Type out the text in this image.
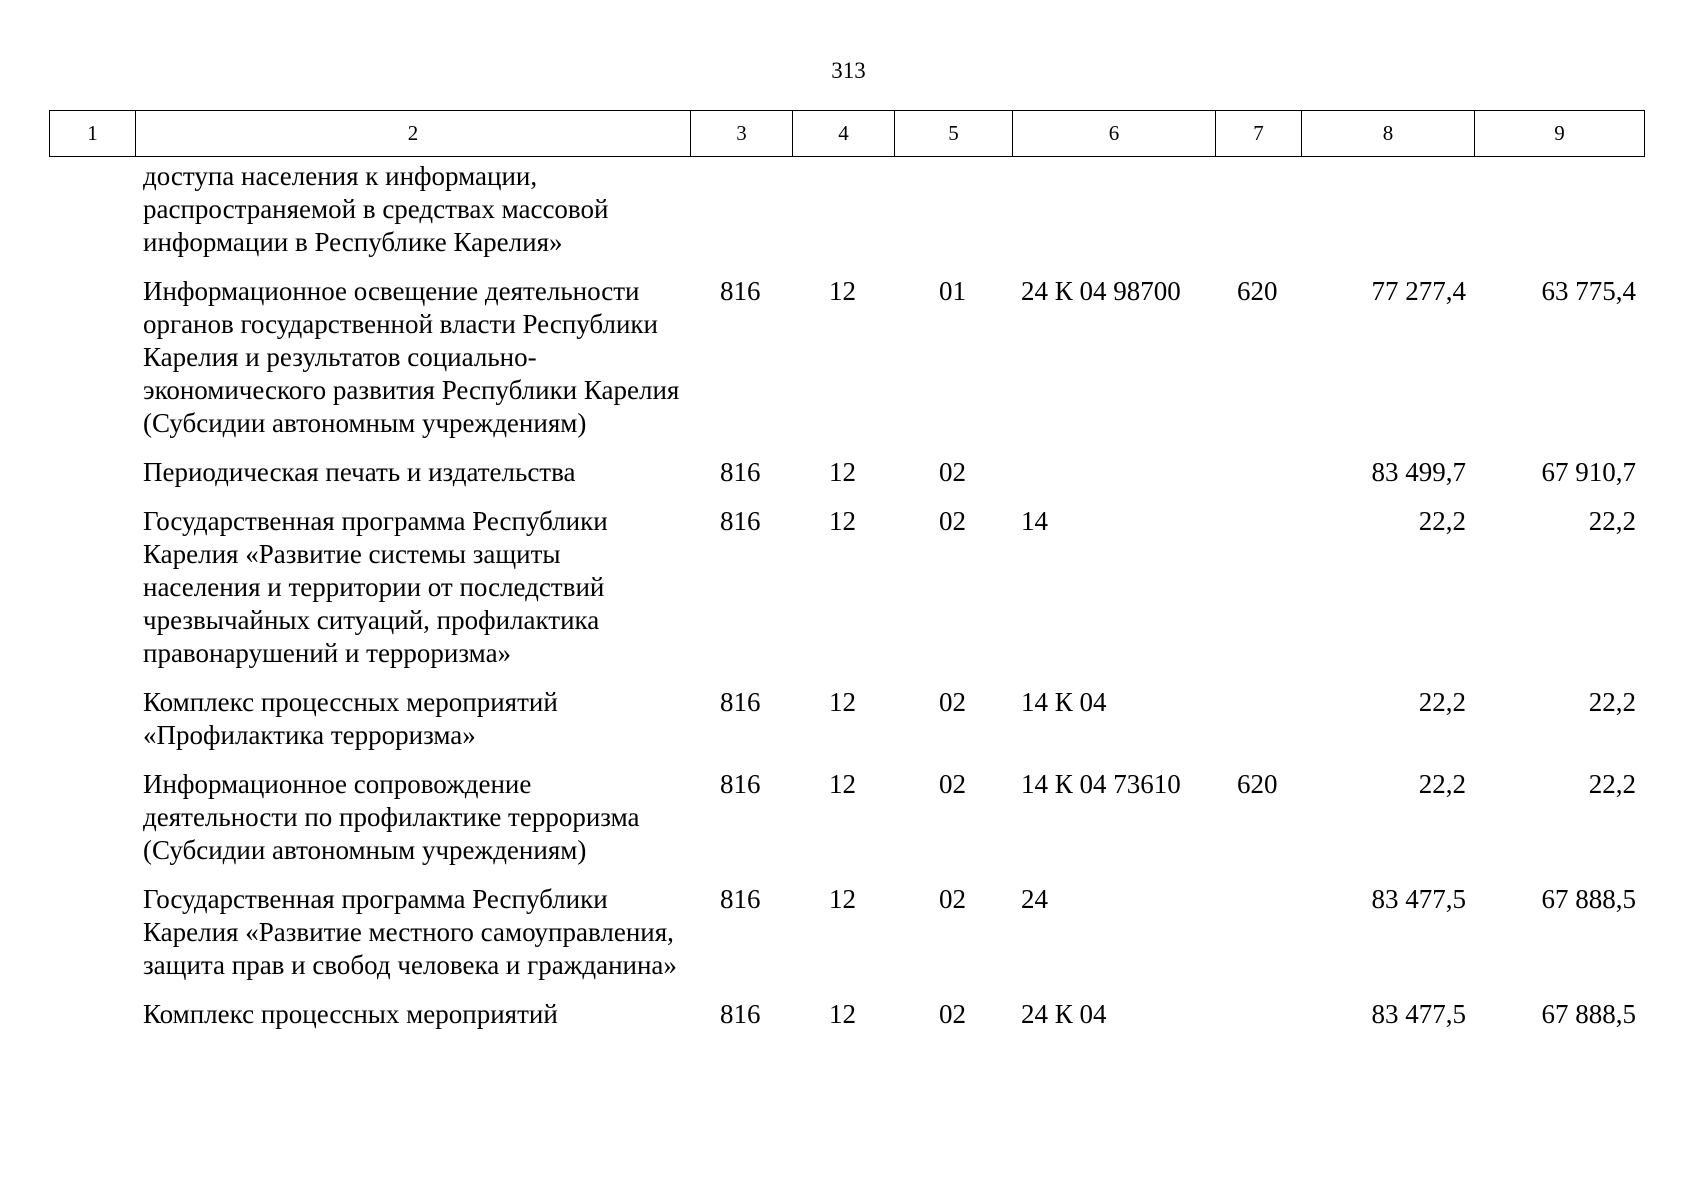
313
1	2	3	4	5	6	7	8	9
доступа населения к информации, распространяемой в средствах массовой информации в Республике Карелия»							
Информационное освещение деятельности органов государственной власти Республики Карелия и результатов социально-экономического развития Республики Карелия (Субсидии автономным учреждениям)	816	12	01	24 К 04 98700	620	77 277,4	63 775,4
Периодическая печать и издательства	816	12	02			83 499,7	67 910,7
Государственная программа Республики Карелия «Развитие системы защиты населения и территории от последствий чрезвычайных ситуаций, профилактика правонарушений и терроризма»	816	12	02	14		22,2	22,2
Комплекс процессных мероприятий «Профилактика терроризма»	816	12	02	14 К 04		22,2	22,2
Информационное сопровождение деятельности по профилактике терроризма (Субсидии автономным учреждениям)	816	12	02	14 К 04 73610	620	22,2	22,2
Государственная программа Республики Карелия «Развитие местного самоуправления, защита прав и свобод человека и гражданина»	816	12	02	24		83 477,5	67 888,5
Комплекс процессных мероприятий	816	12	02	24 К 04		83 477,5	67 888,5
